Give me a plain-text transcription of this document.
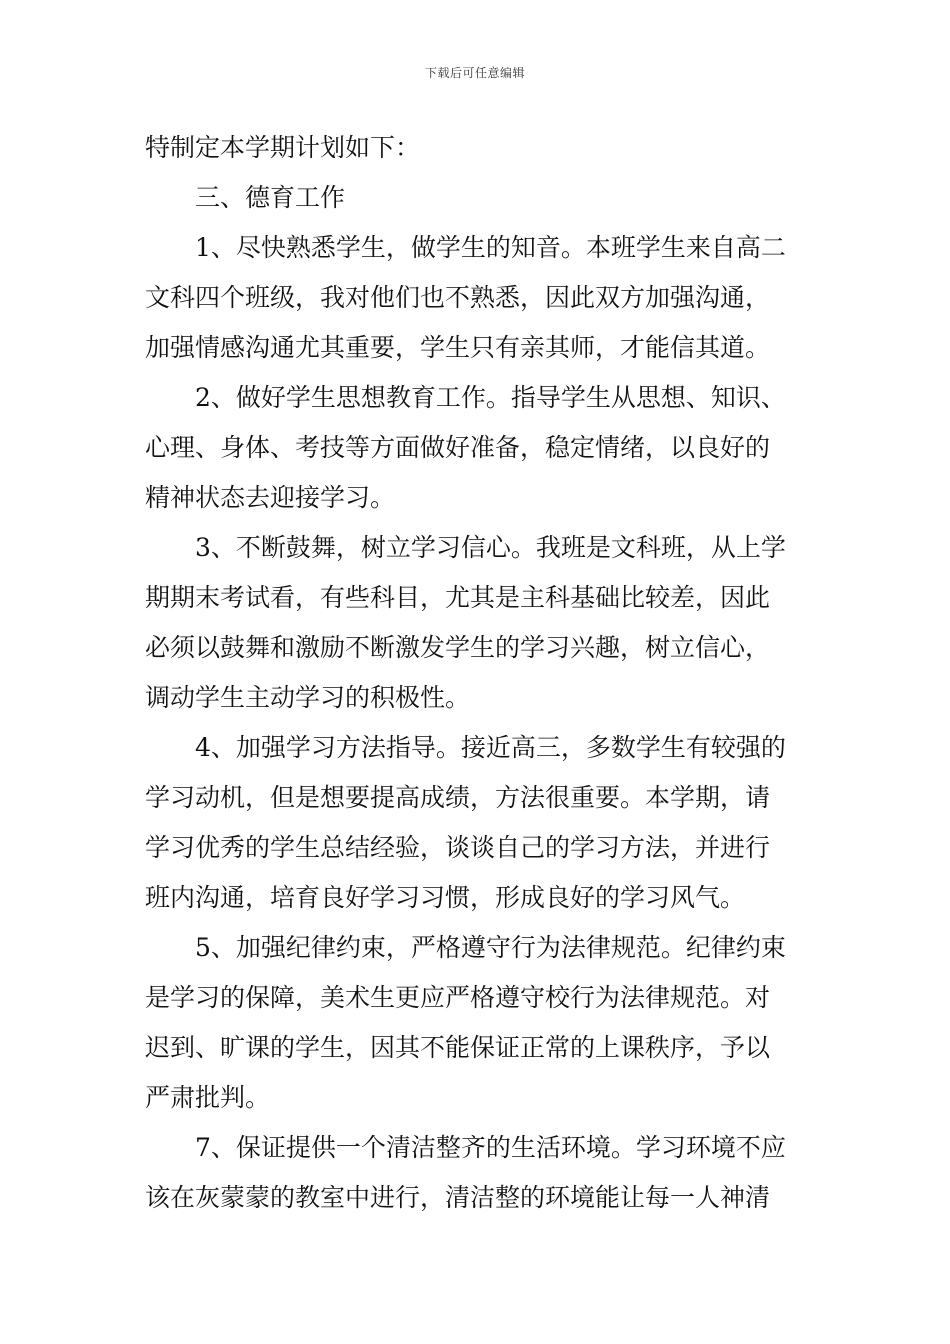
下载后可任意编辑
特制定本学期计划如下：
三、德育工作
1、尽快熟悉学生，做学生的知音。本班学生来自高二
文科四个班级，我对他们也不熟悉，因此双方加强沟通，
加强情感沟通尤其重要，学生只有亲其师，才能信其道。
2、做好学生思想教育工作。指导学生从思想、知识、
心理、身体、考技等方面做好准备，稳定情绪，以良好的
精神状态去迎接学习。
3、不断鼓舞，树立学习信心。我班是文科班，从上学
期期末考试看，有些科目，尤其是主科基础比较差，因此
必须以鼓舞和激励不断激发学生的学习兴趣，树立信心，
调动学生主动学习的积极性。
4、加强学习方法指导。接近高三，多数学生有较强的
学习动机，但是想要提高成绩，方法很重要。本学期，请
学习优秀的学生总结经验，谈谈自己的学习方法，并进行
班内沟通，培育良好学习习惯，形成良好的学习风气。
5、加强纪律约束，严格遵守行为法律规范。纪律约束
是学习的保障，美术生更应严格遵守校行为法律规范。对
迟到、旷课的学生，因其不能保证正常的上课秩序，予以
严肃批判。
7、保证提供一个清洁整齐的生活环境。学习环境不应
该在灰蒙蒙的教室中进行，清洁整的环境能让每一人神清
